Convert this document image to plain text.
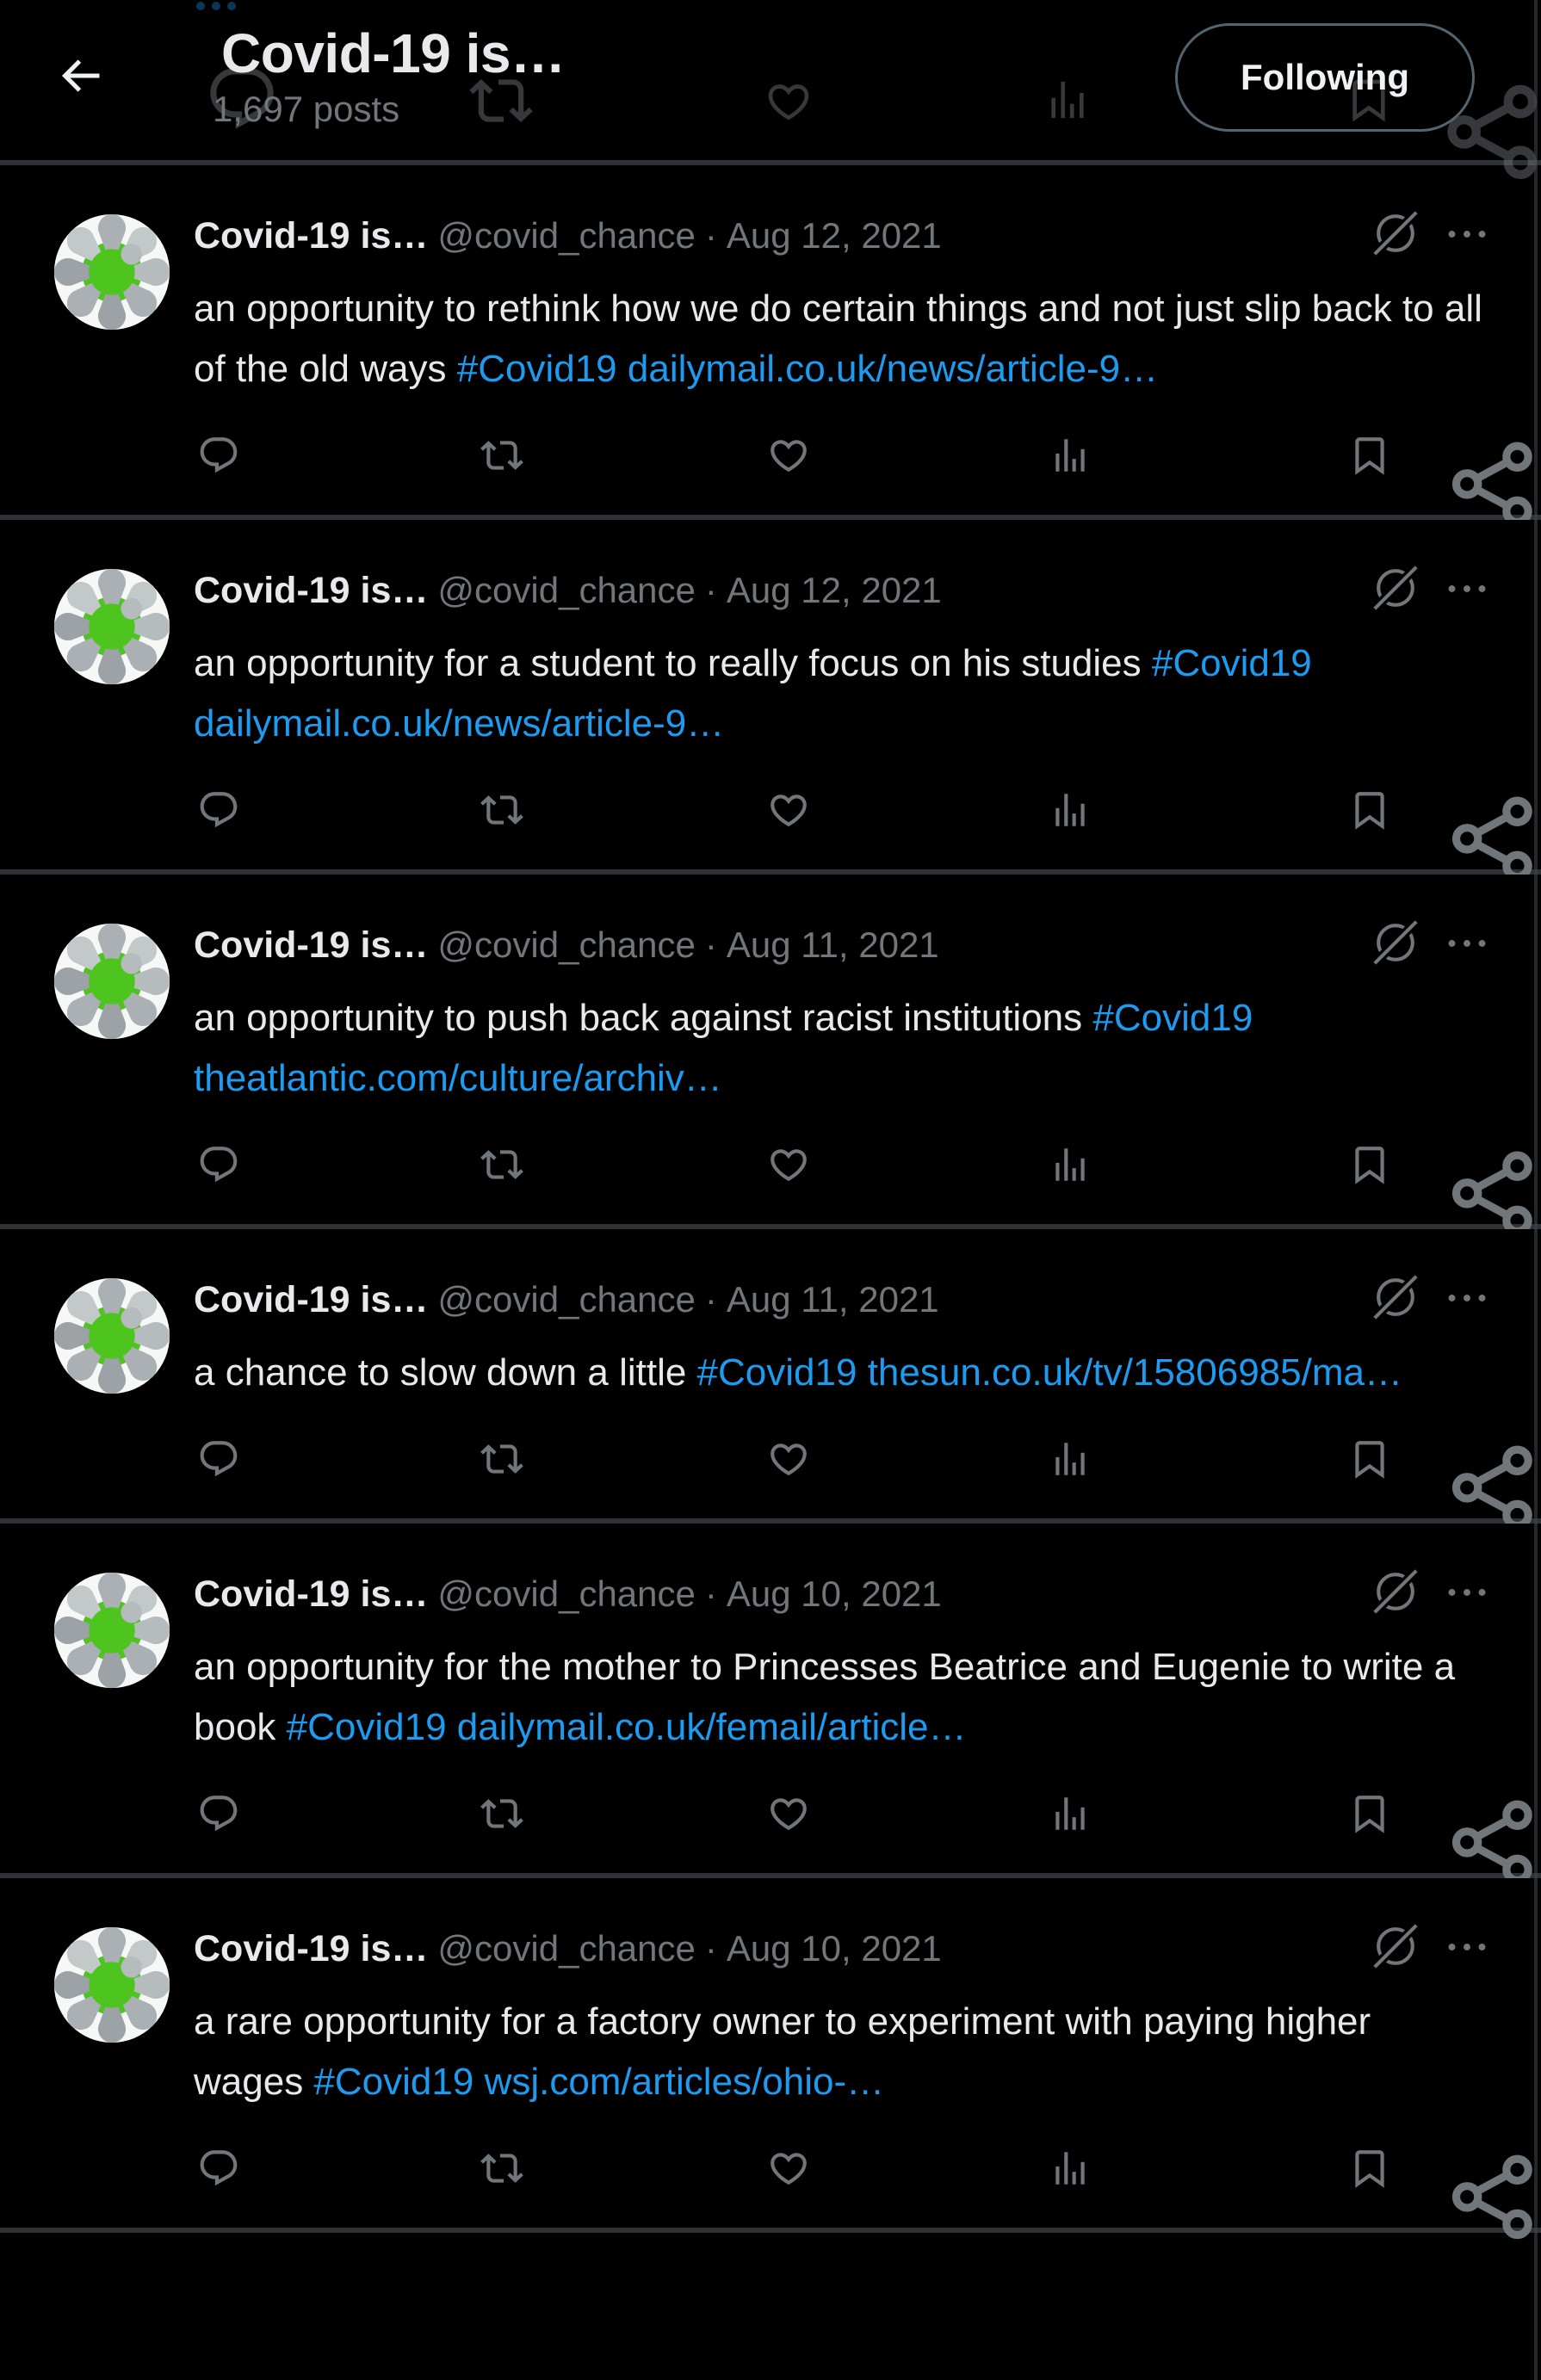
Covid-19 is…
1,697 posts
Following
Covid-19 is… @covid_chance · Aug 12, 2021

an opportunity to rethink how we do certain things and not just slip back to all of the old ways #Covid19 dailymail.co.uk/news/article-9…

Covid-19 is… @covid_chance · Aug 12, 2021

an opportunity for a student to really focus on his studies #Covid19 dailymail.co.uk/news/article-9…

Covid-19 is… @covid_chance · Aug 11, 2021

an opportunity to push back against racist institutions #Covid19 theatlantic.com/culture/archiv…

Covid-19 is… @covid_chance · Aug 11, 2021

a chance to slow down a little #Covid19 thesun.co.uk/tv/15806985/ma…

Covid-19 is… @covid_chance · Aug 10, 2021

an opportunity for the mother to Princesses Beatrice and Eugenie to write a book #Covid19 dailymail.co.uk/femail/article…

Covid-19 is… @covid_chance · Aug 10, 2021

a rare opportunity for a factory owner to experiment with paying higher wages #Covid19 wsj.com/articles/ohio-…
